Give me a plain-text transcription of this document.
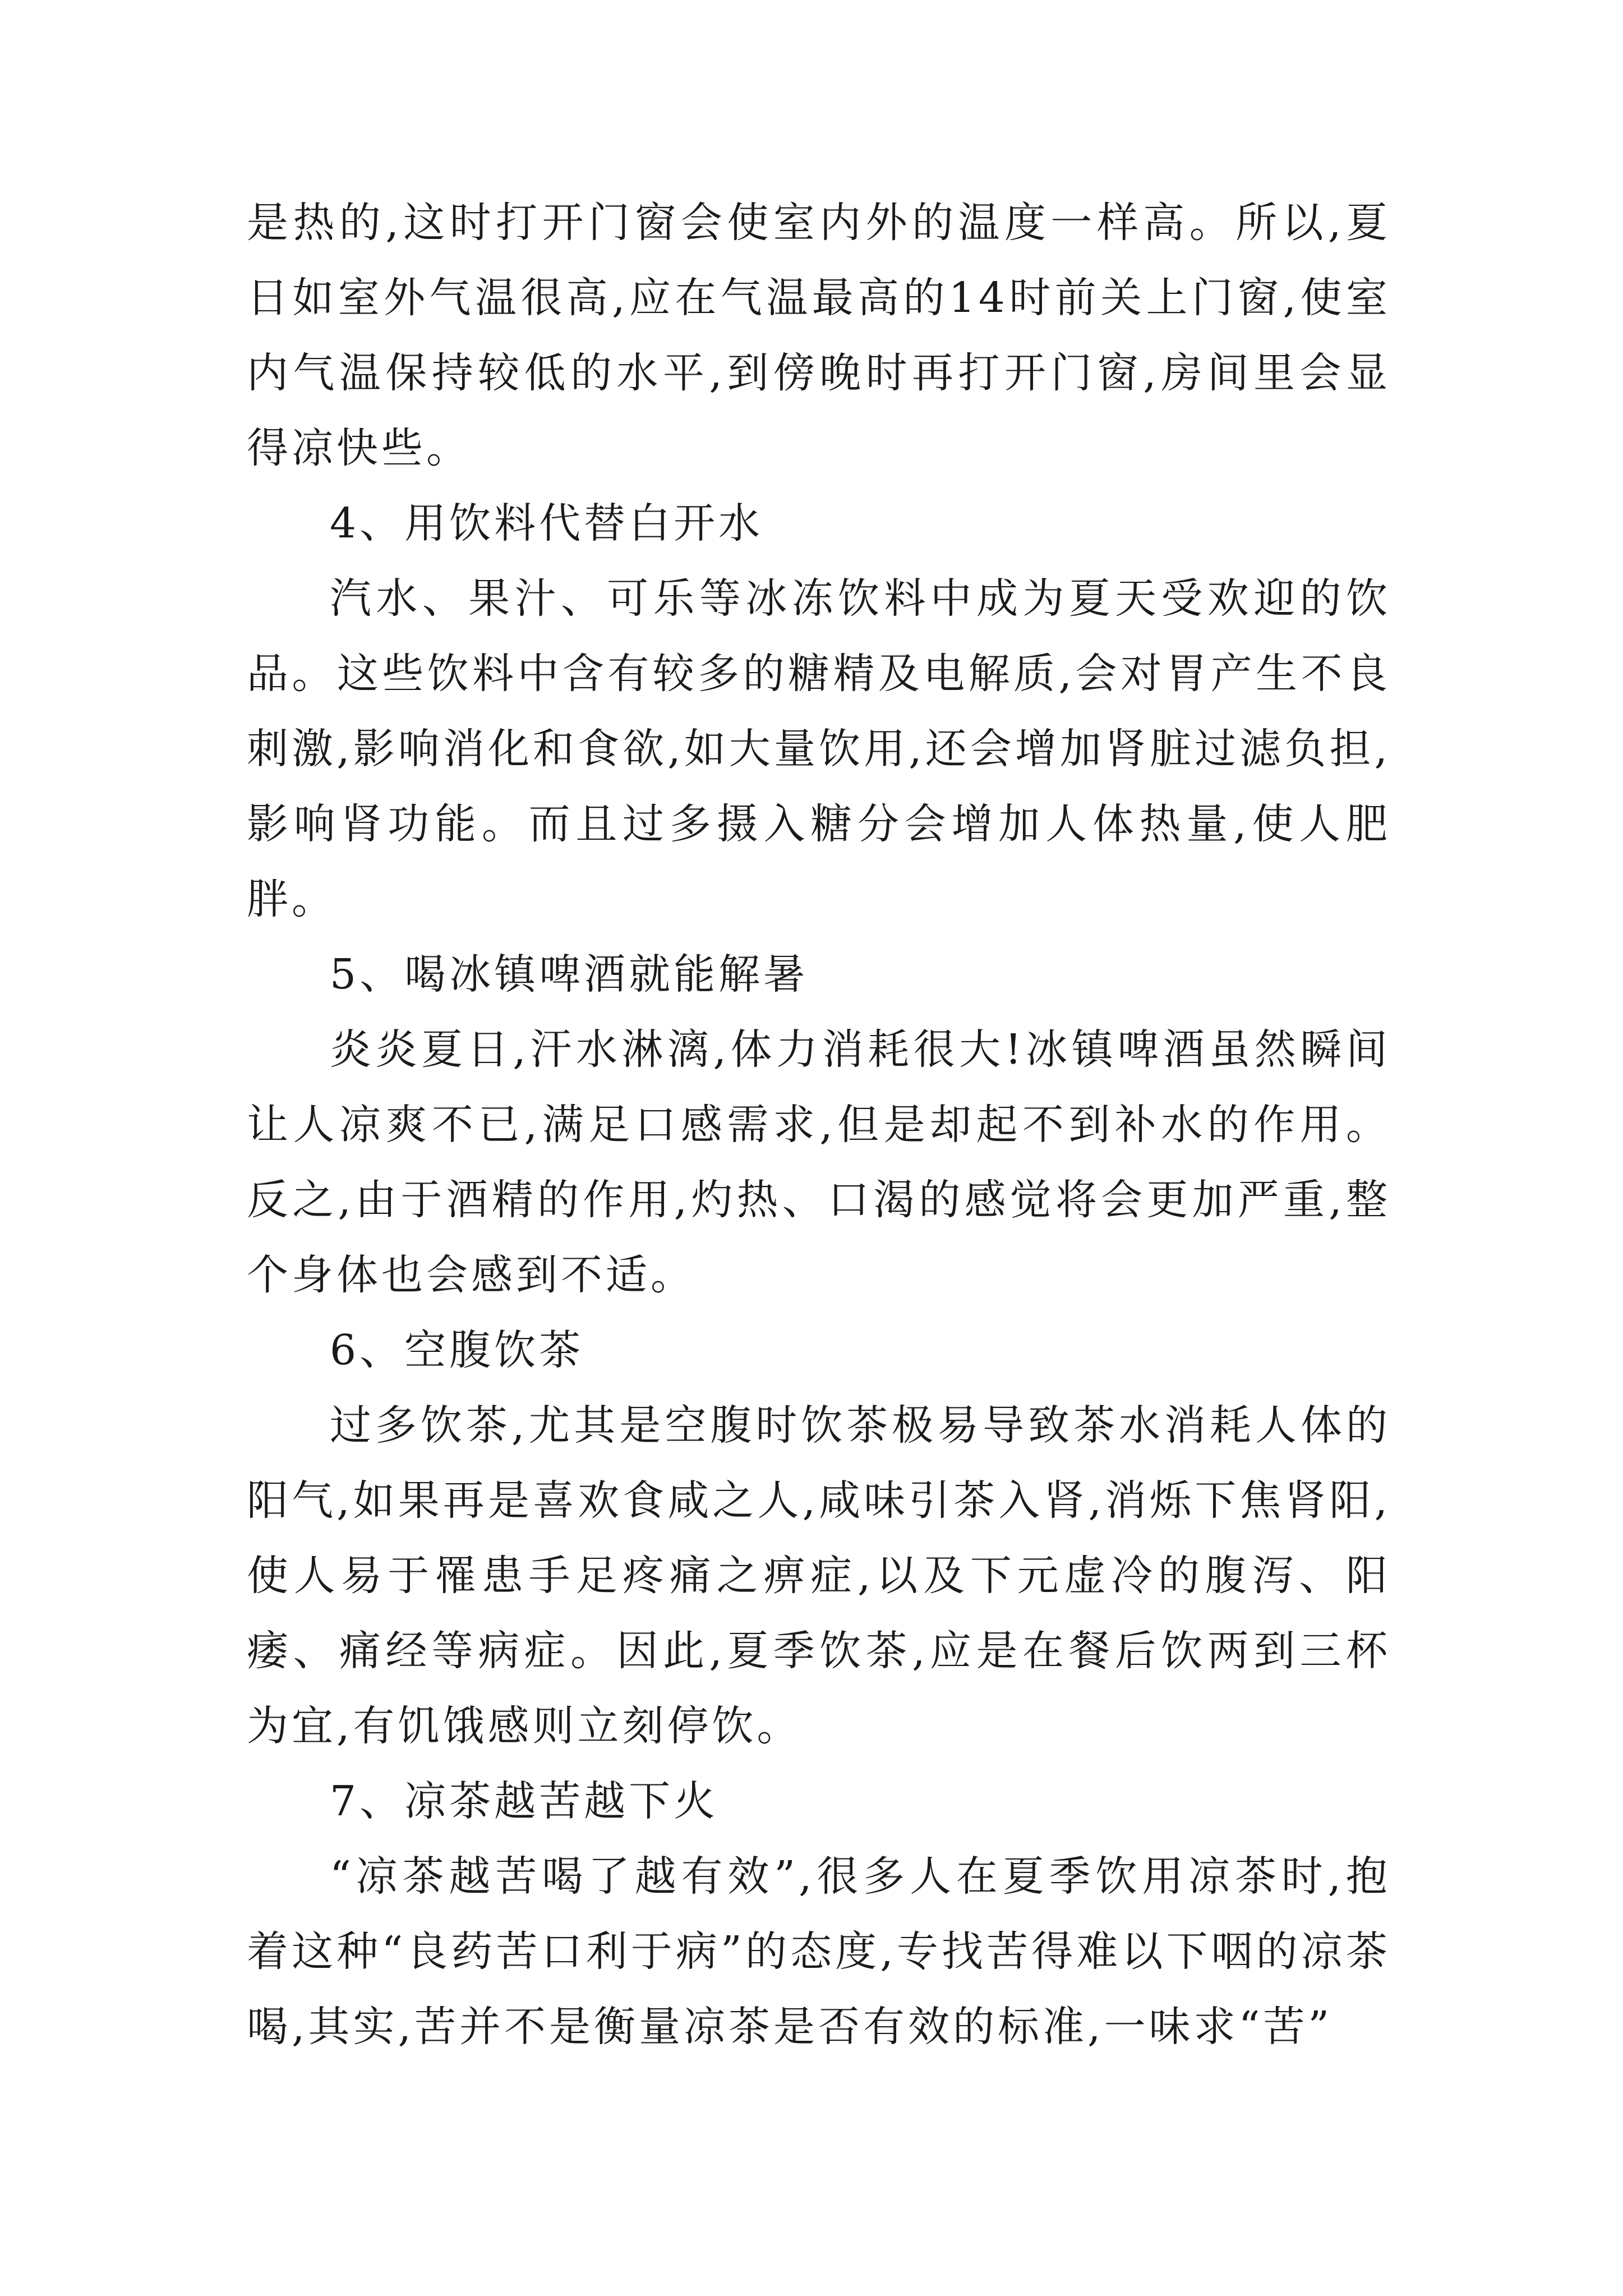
是热的,这时打开门窗会使室内外的温度一样高。所以,夏日如室外气温很高,应在气温最高的14时前关上门窗,使室内气温保持较低的水平,到傍晚时再打开门窗,房间里会显得凉快些。

4、用饮料代替白开水

汽水、果汁、可乐等冰冻饮料中成为夏天受欢迎的饮品。这些饮料中含有较多的糖精及电解质,会对胃产生不良刺激,影响消化和食欲,如大量饮用,还会增加肾脏过滤负担,影响肾功能。而且过多摄入糖分会增加人体热量,使人肥胖。

5、喝冰镇啤酒就能解暑

炎炎夏日,汗水淋漓,体力消耗很大!冰镇啤酒虽然瞬间让人凉爽不已,满足口感需求,但是却起不到补水的作用。反之,由于酒精的作用,灼热、口渴的感觉将会更加严重,整个身体也会感到不适。

6、空腹饮茶

过多饮茶,尤其是空腹时饮茶极易导致茶水消耗人体的阳气,如果再是喜欢食咸之人,咸味引茶入肾,消烁下焦肾阳,使人易于罹患手足疼痛之痹症,以及下元虚冷的腹泻、阳痿、痛经等病症。因此,夏季饮茶,应是在餐后饮两到三杯为宜,有饥饿感则立刻停饮。

7、凉茶越苦越下火

“凉茶越苦喝了越有效”,很多人在夏季饮用凉茶时,抱着这种“良药苦口利于病”的态度,专找苦得难以下咽的凉茶喝,其实,苦并不是衡量凉茶是否有效的标准,一味求“苦”
